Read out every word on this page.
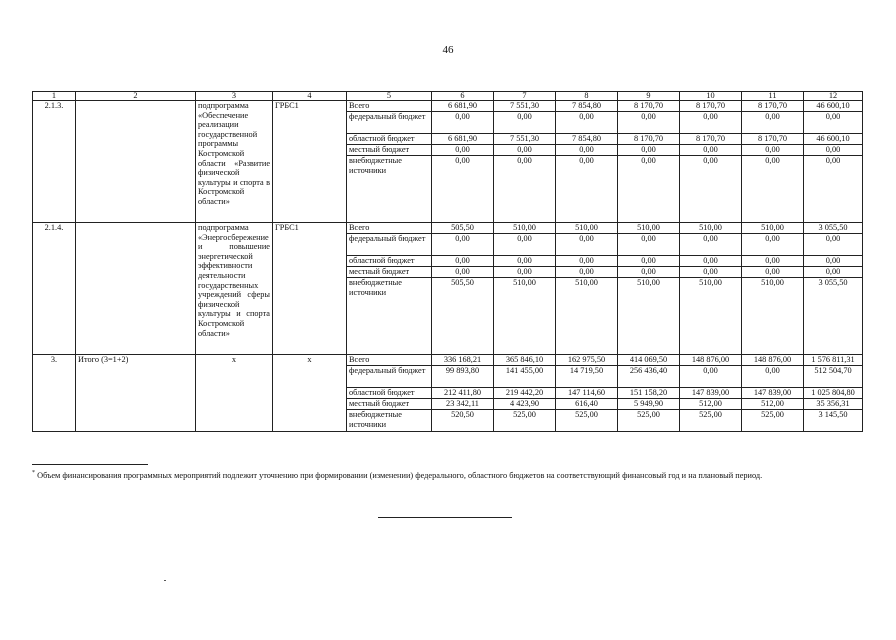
46
1	2	3	4	5	6	7	8	9	10	11	12
2.1.3.		подпрограмма «Обеспечение реализации государственной программы Костромской области «Развитие физической культуры и спорта в Костромской области»	ГРБС1	Всего	6 681,90	7 551,30	7 854,80	8 170,70	8 170,70	8 170,70	46 600,10
				федеральный бюджет	0,00	0,00	0,00	0,00	0,00	0,00	0,00
				областной бюджет	6 681,90	7 551,30	7 854,80	8 170,70	8 170,70	8 170,70	46 600,10
				местный бюджет	0,00	0,00	0,00	0,00	0,00	0,00	0,00
				внебюджетные источники	0,00	0,00	0,00	0,00	0,00	0,00	0,00
2.1.4.		подпрограмма «Энергосбережение и повышение энергетической эффективности деятельности государственных учреждений сферы физической культуры и спорта Костромской области»	ГРБС1	Всего	505,50	510,00	510,00	510,00	510,00	510,00	3 055,50
				федеральный бюджет	0,00	0,00	0,00	0,00	0,00	0,00	0,00
				областной бюджет	0,00	0,00	0,00	0,00	0,00	0,00	0,00
				местный бюджет	0,00	0,00	0,00	0,00	0,00	0,00	0,00
				внебюджетные источники	505,50	510,00	510,00	510,00	510,00	510,00	3 055,50
3.	Итого (3=1+2)	х	х	Всего	336 168,21	365 846,10	162 975,50	414 069,50	148 876,00	148 876,00	1 576 811,31
				федеральный бюджет	99 893,80	141 455,00	14 719,50	256 436,40	0,00	0,00	512 504,70
				областной бюджет	212 411,80	219 442,20	147 114,60	151 158,20	147 839,00	147 839,00	1 025 804,80
				местный бюджет	23 342,11	4 423,90	616,40	5 949,90	512,00	512,00	35 356,31
				внебюджетные источники	520,50	525,00	525,00	525,00	525,00	525,00	3 145,50
* Объем финансирования программных мероприятий подлежит уточнению при формировании (изменении) федерального, областного бюджетов на соответствующий финансовый год и на плановый период.
